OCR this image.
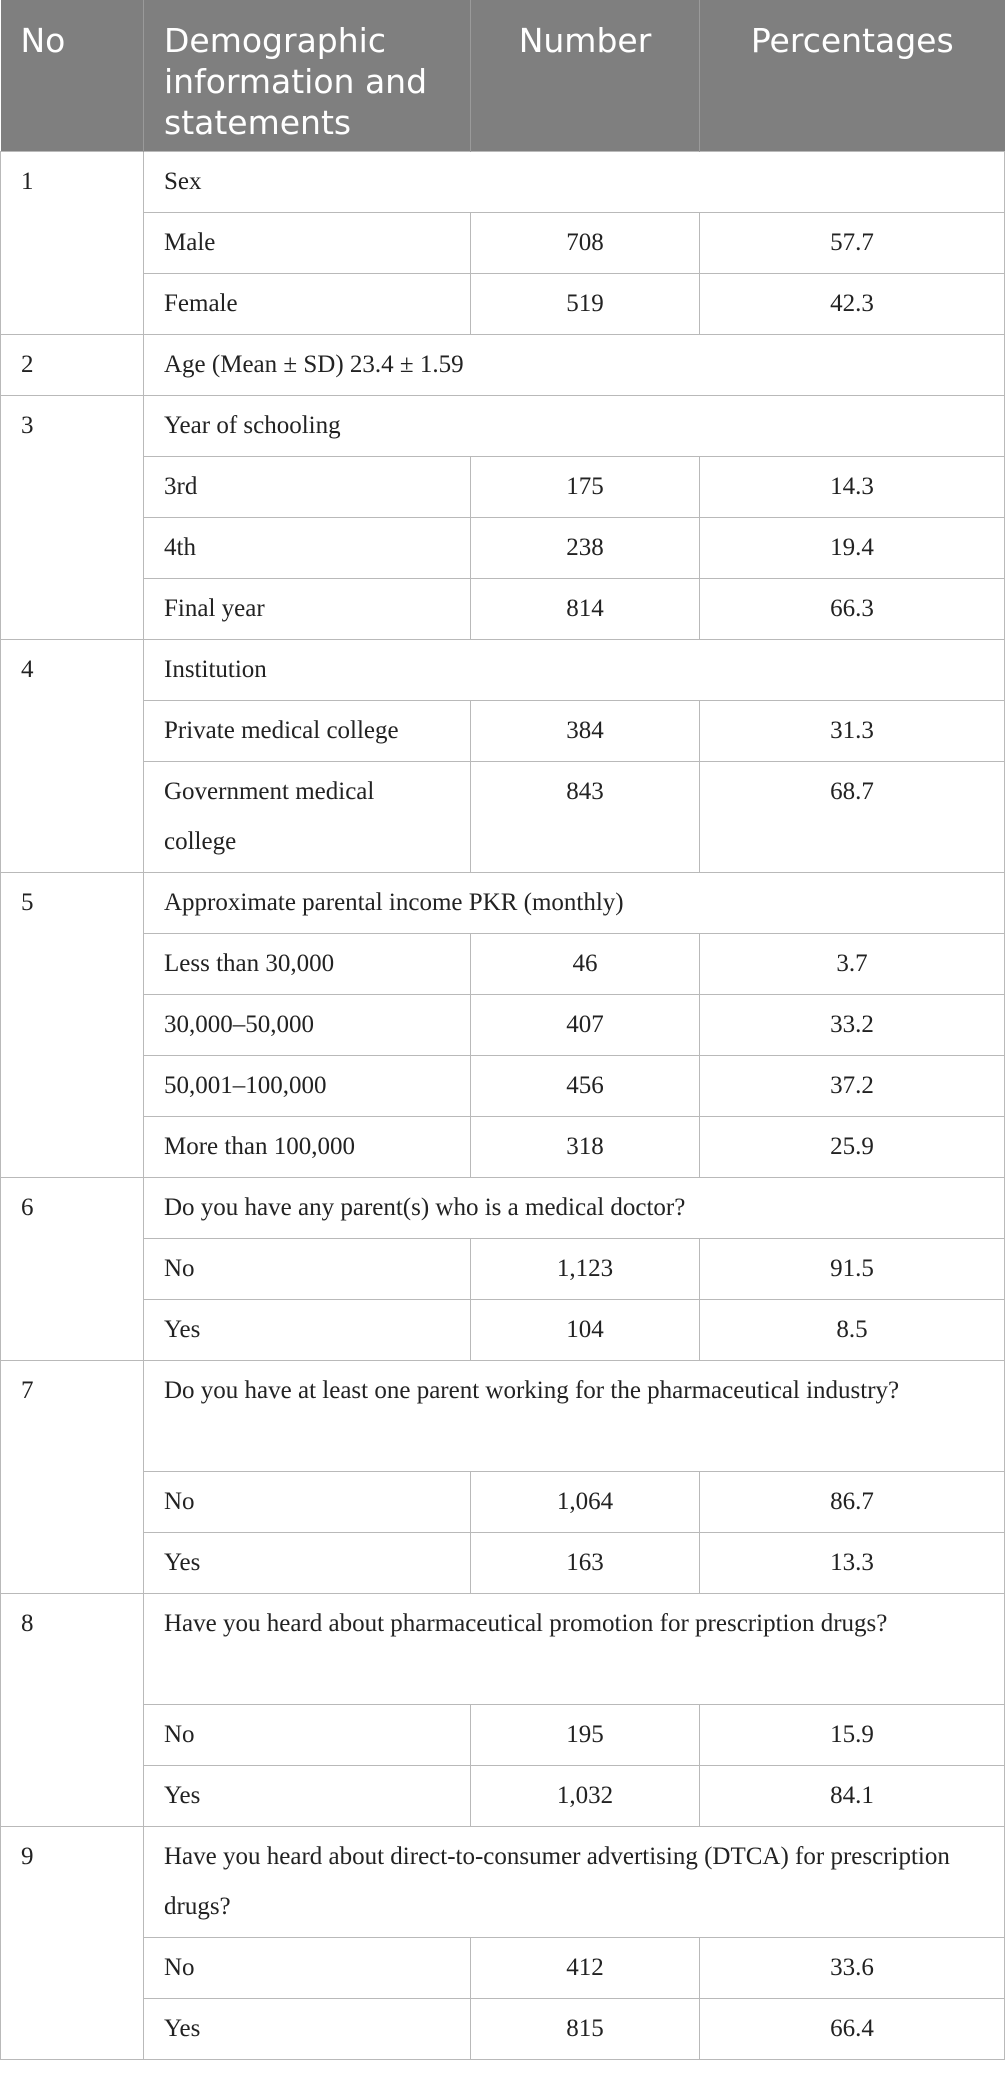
No	Demographic information and statements	Number	Percentages
1	Sex		
	Male	708	57.7
	Female	519	42.3
2	Age (Mean ± SD) 23.4 ± 1.59		
3	Year of schooling		
	3rd	175	14.3
	4th	238	19.4
	Final year	814	66.3
4	Institution		
	Private medical college	384	31.3
	Government medical college	843	68.7
5	Approximate parental income PKR (monthly)		
	Less than 30,000	46	3.7
	30,000–50,000	407	33.2
	50,001–100,000	456	37.2
	More than 100,000	318	25.9
6	Do you have any parent(s) who is a medical doctor?		
	No	1,123	91.5
	Yes	104	8.5
7	Do you have at least one parent working for the pharmaceutical industry?		
	No	1,064	86.7
	Yes	163	13.3
8	Have you heard about pharmaceutical promotion for prescription drugs?		
	No	195	15.9
	Yes	1,032	84.1
9	Have you heard about direct-to-consumer advertising (DTCA) for prescription drugs?		
	No	412	33.6
	Yes	815	66.4
